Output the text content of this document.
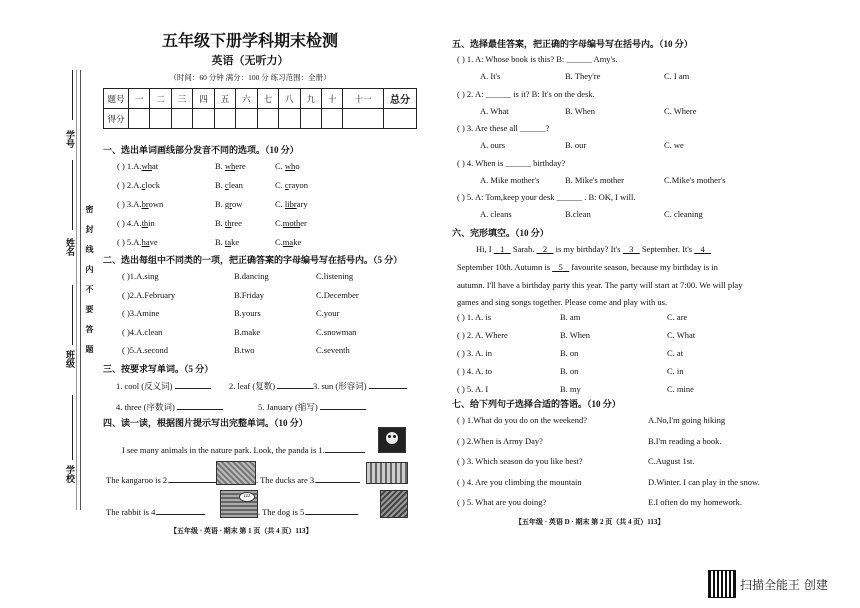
学号
姓名
班级
学校
密 封 线 内 不 要 答 题
五年级下册学科期末检测
英语（无听力）
（时间：60 分钟 满分：100 分 练习范围：全册）
题号	一	二	三	四	五	六	七	八	九	十	十一	总分
得分												
一、选出单词画线部分发音不同的选项。（10 分）
( ) 1.A.what	B. where	C. who
( ) 2.A.clock	B. clean	C. crayon
( ) 3.A.brown	B. grow	C. library
( ) 4.A.thin	B. three	C.mother
( ) 5.A.have	B. take	C.make
二、选出每组中不同类的一项，把正确答案的字母编号写在括号内。（5 分）
( )1.A.sing	B.dancing	C.listening
( )2.A.February	B.Friday	C.December
( )3.Amine	B.yours	C.your
( )4.A.clean	B.make	C.snowman
( )5.A.second	B.two	C.seventh
三、按要求写单词。（5 分）
1. cool (反义词)	2. leaf (复数)	3. sun (形容词)
4. three (序数词)	5. January (缩写)
四、读一读，根据图片提示写出完整单词。（10 分）
I see many animals in the nature park. Look, the panda is 1.
The kangaroo is 2.	. The ducks are 3.
The rabbit is 4.
zzz
. The dog is 5.
【五年级 · 英语 · 期末 第 1 页（共 4 页）113】
五、选择最佳答案，把正确的字母编号写在括号内。（10 分）
( ) 1. A: Whose book is this? B: ______ Amy's.
A. It's	B. They're	C. I am
( ) 2. A: ______ is it? B: It's on the desk.
A. What	B. When	C. Where
( ) 3. Are these all ______?
A. ours	B. our	C. we
( ) 4. When is ______ birthday?
A. Mike mother's	B. Mike's mother	C.Mike's mother's
( ) 5. A: Tom,keep your desk ______ . B: OK, I will.
A. cleans	B.clean	C. cleaning
六、完形填空。（10 分）
Hi, I    1    Sarah.    2    is my birthday? It's    3    September. It's    4
September 10th. Autumn is    5    favourite season, because my birthday is in
autumn. I'll have a birthday party this year. The party will start at 7:00. We will play
games and sing songs together. Please come and play with us.
( ) 1. A. is	B. am	C. are
( ) 2. A. Where	B. When	C. What
( ) 3. A. in	B. on	C. at
( ) 4. A. to	B. on	C. in
( ) 5. A. I	B. my	C. mine
七、给下列句子选择合适的答语。（10 分）
( ) 1.What do you do on the weekend?	A.No,I'm going hiking
( ) 2.When is Army Day?	B.I'm reading a book.
( ) 3. Which season do you like best?	C.August 1st.
( ) 4. Are you climbing the mountain	D.Winter. I can play in the snow.
( ) 5. What are you doing?	E.I often do my homework.
【五年级 · 英语 D · 期末 第 2 页（共 4 页）113】
扫描全能王 创建
